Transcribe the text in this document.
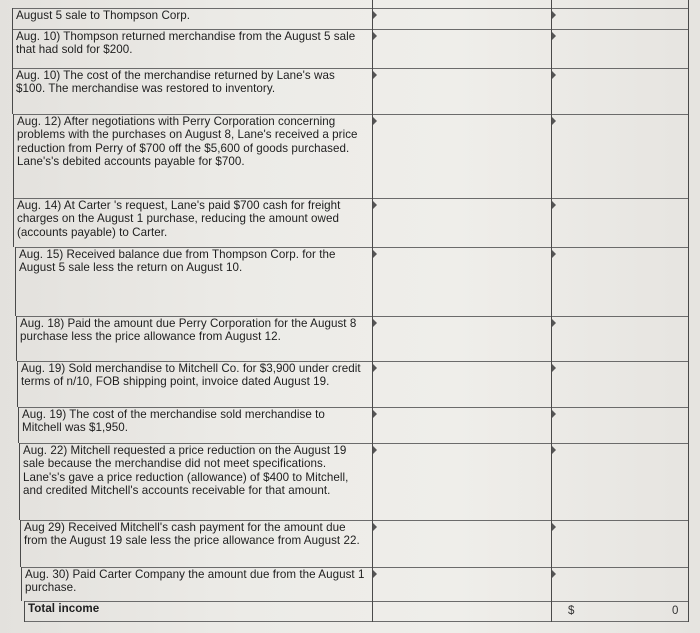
August 5 sale to Thompson Corp.
Aug. 10) Thompson returned merchandise from the August 5 sale that had sold for $200.
Aug. 10) The cost of the merchandise returned by Lane's was $100. The merchandise was restored to inventory.
Aug. 12) After negotiations with Perry Corporation concerning problems with the purchases on August 8, Lane's received a price reduction from Perry of $700 off the $5,600 of goods purchased. Lane's's debited accounts payable for $700.
Aug. 14) At Carter 's request, Lane's paid $700 cash for freight charges on the August 1 purchase, reducing the amount owed (accounts payable) to Carter.
Aug. 15) Received balance due from Thompson Corp. for the August 5 sale less the return on August 10.
Aug. 18) Paid the amount due Perry Corporation for the August 8 purchase less the price allowance from August 12.
Aug. 19) Sold merchandise to Mitchell Co. for $3,900 under credit terms of n/10, FOB shipping point, invoice dated August 19.
Aug. 19) The cost of the merchandise sold merchandise to Mitchell was $1,950.
Aug. 22) Mitchell requested a price reduction on the August 19 sale because the merchandise did not meet specifications. Lane's's gave a price reduction (allowance) of $400 to Mitchell, and credited Mitchell's accounts receivable for that amount.
Aug 29) Received Mitchell's cash payment for the amount due from the August 19 sale less the price allowance from August 22.
Aug. 30) Paid Carter Company the amount due from the August 1 purchase.
Total income	$	0
